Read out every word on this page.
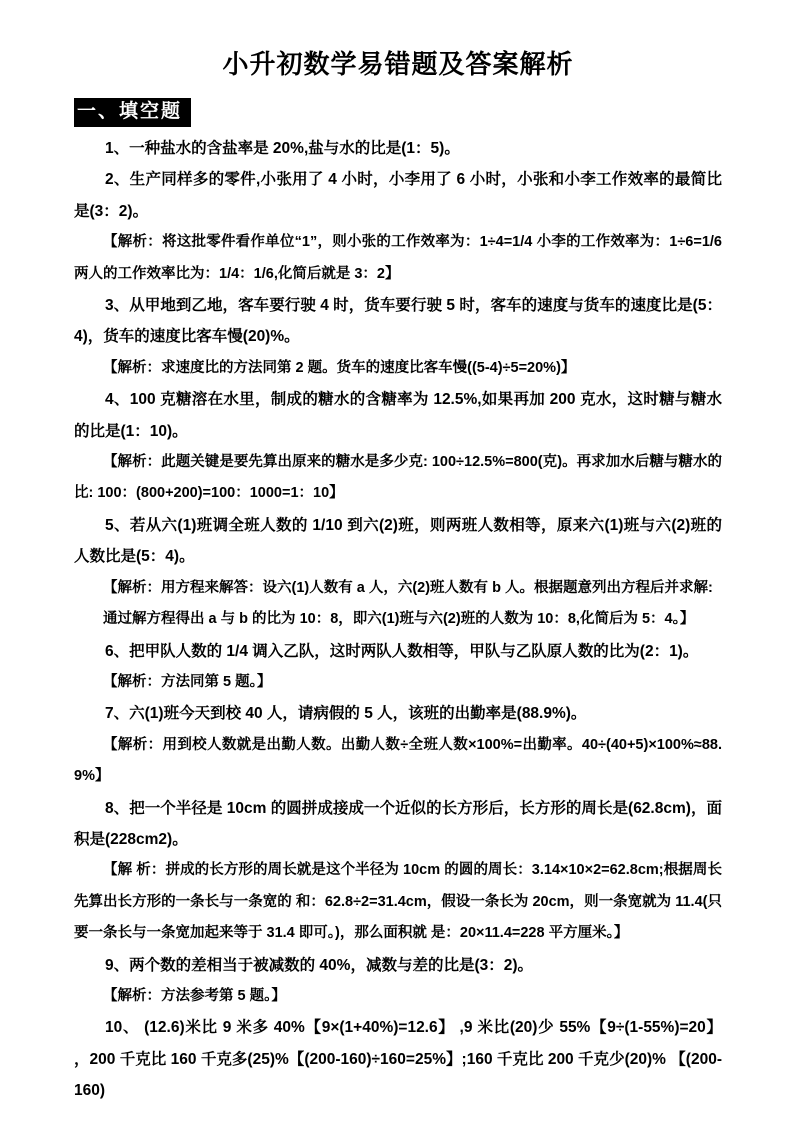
小升初数学易错题及答案解析
一、填空题

1、一种盐水的含盐率是 20%,盐与水的比是(1：5)。

2、生产同样多的零件,小张用了 4 小时，小李用了 6 小时，小张和小李工作效率的最简比是(3：2)。

【解析：将这批零件看作单位“1”，则小张的工作效率为：1÷4=1/4 小李的工作效率为：1÷6=1/6 两人的工作效率比为：1/4：1/6,化简后就是 3：2】

3、从甲地到乙地，客车要行驶 4 时，货车要行驶 5 时，客车的速度与货车的速度比是(5：4)，货车的速度比客车慢(20)%。

【解析：求速度比的方法同第 2 题。货车的速度比客车慢((5-4)÷5=20%)】

4、100 克糖溶在水里，制成的糖水的含糖率为 12.5%,如果再加 200 克水，这时糖与糖水的比是(1：10)。

【解析：此题关键是要先算出原来的糖水是多少克: 100÷12.5%=800(克)。再求加水后糖与糖水的比: 100：(800+200)=100：1000=1：10】

5、若从六(1)班调全班人数的 1/10 到六(2)班，则两班人数相等，原来六(1)班与六(2)班的人数比是(5：4)。

【解析：用方程来解答：设六(1)人数有 a 人，六(2)班人数有 b 人。根据题意列出方程后并求解:

通过解方程得出 a 与 b 的比为 10：8，即六(1)班与六(2)班的人数为 10：8,化简后为 5：4。】

6、把甲队人数的 1/4 调入乙队，这时两队人数相等，甲队与乙队原人数的比为(2：1)。

【解析：方法同第 5 题。】

7、六(1)班今天到校 40 人，请病假的 5 人，该班的出勤率是(88.9%)。

【解析：用到校人数就是出勤人数。出勤人数÷全班人数×100%=出勤率。40÷(40+5)×100%≈88.9%】

8、把一个半径是 10cm 的圆拼成接成一个近似的长方形后，长方形的周长是(62.8cm)，面积是(228cm2)。

【解 析：拼成的长方形的周长就是这个半径为 10cm 的圆的周长：3.14×10×2=62.8cm;根据周长先算出长方形的一条长与一条宽的 和：62.8÷2=31.4cm，假设一条长为 20cm，则一条宽就为 11.4(只要一条长与一条宽加起来等于 31.4 即可。)，那么面积就 是：20×11.4=228 平方厘米。】

9、两个数的差相当于被减数的 40%，减数与差的比是(3：2)。

【解析：方法参考第 5 题。】

10、 (12.6)米比 9 米多 40%【9×(1+40%)=12.6】 ,9 米比(20)少 55%【9÷(1-55%)=20】 ，200 千克比 160 千克多(25)%【(200-160)÷160=25%】;160 千克比 200 千克少(20)% 【(200-160)
